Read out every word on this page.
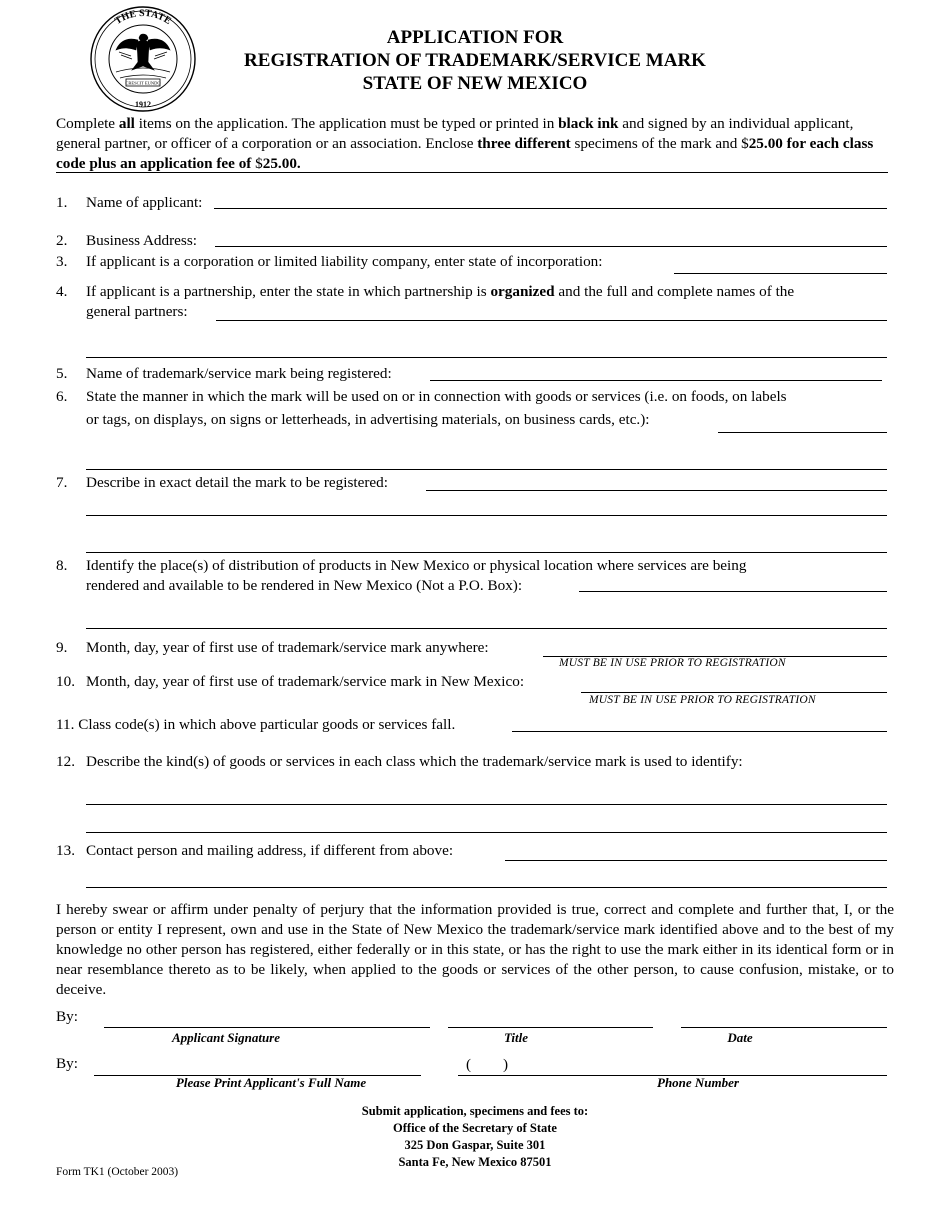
THE STATE
1912
CRESCIT EUNDO
APPLICATION FOR
REGISTRATION OF TRADEMARK/SERVICE MARK
STATE OF NEW MEXICO
Complete all items on the application. The application must be typed or printed in black ink and signed by an individual applicant, general partner, or officer of a corporation or an association. Enclose three different specimens of the mark and $25.00 for each class code plus an application fee of $25.00.
1. Name of applicant:
2. Business Address:
3. If applicant is a corporation or limited liability company, enter state of incorporation:
4. If applicant is a partnership, enter the state in which partnership is organized and the full and complete names of the
general partners:
5. Name of trademark/service mark being registered:
6. State the manner in which the mark will be used on or in connection with goods or services (i.e. on foods, on labels
or tags, on displays, on signs or letterheads, in advertising materials, on business cards, etc.):
7. Describe in exact detail the mark to be registered:
8. Identify the place(s) of distribution of products in New Mexico or physical location where services are being
rendered and available to be rendered in New Mexico (Not a P.O. Box):
9. Month, day, year of first use of trademark/service mark anywhere:
MUST BE IN USE PRIOR TO REGISTRATION
10. Month, day, year of first use of trademark/service mark in New Mexico:
MUST BE IN USE PRIOR TO REGISTRATION
11. Class code(s) in which above particular goods or services fall.
12. Describe the kind(s) of goods or services in each class which the trademark/service mark is used to identify:
13. Contact person and mailing address, if different from above:
I hereby swear or affirm under penalty of perjury that the information provided is true, correct and complete and further that, I, or the person or entity I represent, own and use in the State of New Mexico the trademark/service mark identified above and to the best of my knowledge no other person has registered, either federally or in this state, or has the right to use the mark either in its identical form or in near resemblance thereto as to be likely, when applied to the goods or services of the other person, to cause confusion, mistake, or to deceive.
By:
Applicant Signature	Title	Date
By:	( )
Please Print Applicant's Full Name	Phone Number
Submit application, specimens and fees to:
Office of the Secretary of State
325 Don Gaspar, Suite 301
Santa Fe, New Mexico 87501
Form TK1 (October 2003)
